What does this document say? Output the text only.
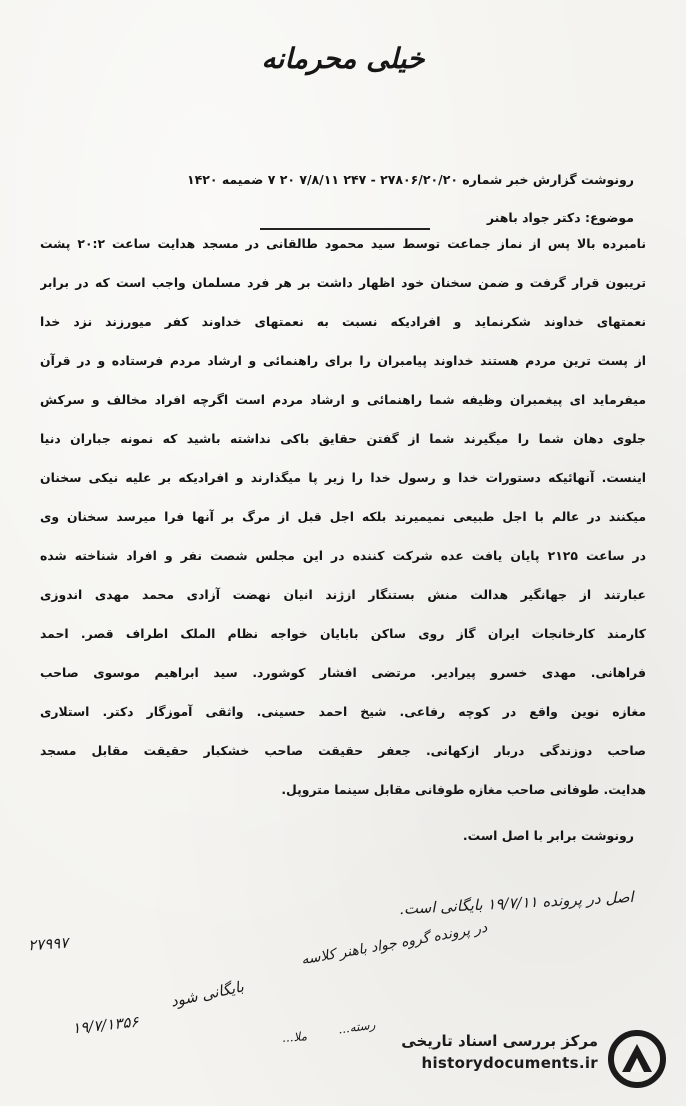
خیلی محرمانه
رونوشت گزارش خبر شماره ۲۷۸۰۶/۲۰/۲۰ - ۲۴۷ ۷/۸/۱۱ ۲۰ ۷ ضمیمه ۱۴۲۰
موضوع: دکتر جواد باهنر
نامبرده بالا پس از نماز جماعت توسط سید محمود طالقانی در مسجد هدایت ساعت ۲۰:۲ پشت
تریبون قرار گرفت و ضمن سخنان خود اظهار داشت بر هر فرد مسلمان واجب است که در برابر
نعمتهای خداوند شکرنماید و افرادیکه نسبت به نعمتهای خداوند کفر میورزند نزد خدا
از پست ترین مردم هستند خداوند پیامبران را برای راهنمائی و ارشاد مردم فرستاده و در قرآن
میفرماید ای پیغمبران وظیفه شما راهنمائی و ارشاد مردم است اگرچه افراد مخالف و سرکش
جلوی دهان شما را میگیرند شما از گفتن حقایق باکی نداشته باشید که نمونه جباران دنیا
اینست. آنهائیکه دستورات خدا و رسول خدا را زیر پا میگذارند و افرادیکه بر علیه نیکی سخنان
میکنند در عالم با اجل طبیعی نمیمیرند بلکه اجل قبل از مرگ بر آنها فرا میرسد سخنان وی
در ساعت ۲۱۲۵ پایان یافت عده شرکت کننده در این مجلس شصت نفر و افراد شناخته شده
عبارتند از جهانگیر هدالت منش بستنگار ازژند انیان نهضت آزادی محمد مهدی اندوزی
کارمند کارخانجات ایران گاز روی ساکن بابایان خواجه نظام الملک اطراف قصر. احمد
فراهانی. مهدی خسرو پیرادیر. مرتضی افشار کوشورد. سید ابراهیم موسوی صاحب
مغازه نوین واقع در کوچه رفاعی. شیخ احمد حسینی. واثقی آموزگار دکتر. استلاری
صاحب دوزندگی دربار ازکهانی. جعفر حقیقت صاحب خشکبار حقیقت مقابل مسجد
هدایت. طوفانی صاحب مغازه طوفانی مقابل سینما متروپل.
رونوشت برابر با اصل است.
اصل در پرونده ۱۹/۷/۱۱ بایگانی است.
در پرونده گروه جواد باهنر کلاسه
۲۷۹۹۷
بایگانی شود
۱۹/۷/۱۳۵۶	ملا...
رسته...
مرکز بررسی اسناد تاریخی
historydocuments.ir
